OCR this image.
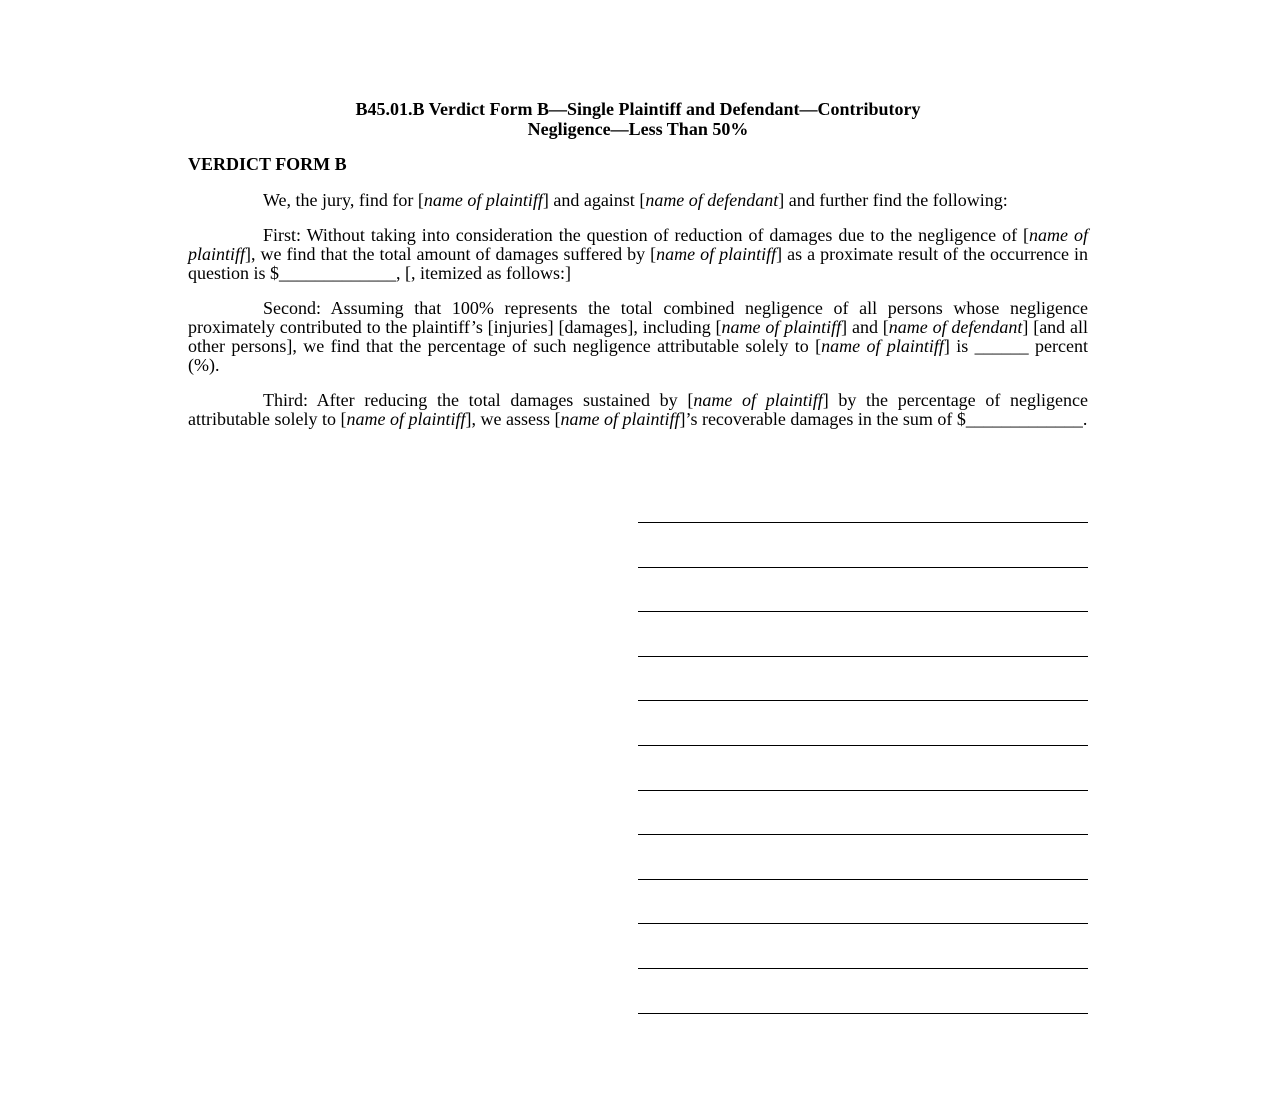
B45.01.B Verdict Form B—Single Plaintiff and Defendant—Contributory
Negligence—Less Than 50%
VERDICT FORM B

We, the jury, find for [name of plaintiff] and against [name of defendant] and further find the following:

First: Without taking into consideration the question of reduction of damages due to the negligence of [name of plaintiff], we find that the total amount of damages suffered by [name of plaintiff] as a proximate result of the occurrence in question is $_____________, [, itemized as follows:]

Second: Assuming that 100% represents the total combined negligence of all persons whose negligence proximately contributed to the plaintiff’s [injuries] [damages], including [name of plaintiff] and [name of defendant] [and all other persons], we find that the percentage of such negligence attributable solely to [name of plaintiff] is ______ percent (%).

Third: After reducing the total damages sustained by [name of plaintiff] by the percentage of negligence attributable solely to [name of plaintiff], we assess [name of plaintiff]’s recoverable damages in the sum of $_____________.
